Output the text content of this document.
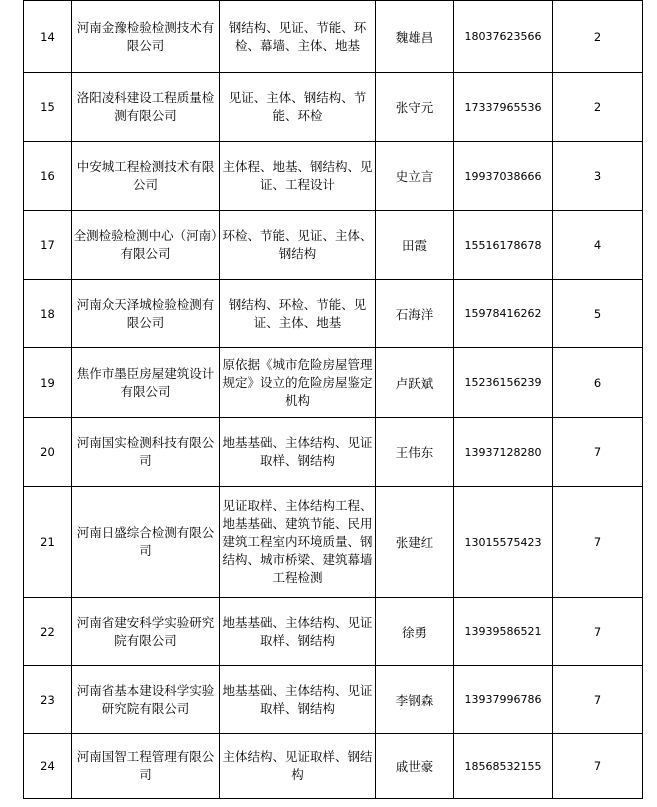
14	河南金豫检验检测技术有限公司	钢结构、见证、节能、环检、幕墙、主体、地基	魏雄昌	18037623566	2
15	洛阳凌科建设工程质量检测有限公司	见证、主体、钢结构、节能、环检	张守元	17337965536	2
16	中安城工程检测技术有限公司	主体程、地基、钢结构、见证、工程设计	史立言	19937038666	3
17	全测检验检测中心（河南）有限公司	环检、节能、见证、主体、钢结构	田霞	15516178678	4
18	河南众天泽城检验检测有限公司	钢结构、环检、节能、见证、主体、地基	石海洋	15978416262	5
19	焦作市墨臣房屋建筑设计有限公司	原依据《城市危险房屋管理规定》设立的危险房屋鉴定机构	卢跃斌	15236156239	6
20	河南国实检测科技有限公司	地基基础、主体结构、见证取样、钢结构	王伟东	13937128280	7
21	河南日盛综合检测有限公司	见证取样、主体结构工程、地基基础、建筑节能、民用建筑工程室内环境质量、钢结构、城市桥梁、建筑幕墙工程检测	张建红	13015575423	7
22	河南省建安科学实验研究院有限公司	地基基础、主体结构、见证取样、钢结构	徐勇	13939586521	7
23	河南省基本建设科学实验研究院有限公司	地基基础、主体结构、见证取样、钢结构	李钢森	13937996786	7
24	河南国智工程管理有限公司	主体结构、见证取样、钢结构	戚世豪	18568532155	7
